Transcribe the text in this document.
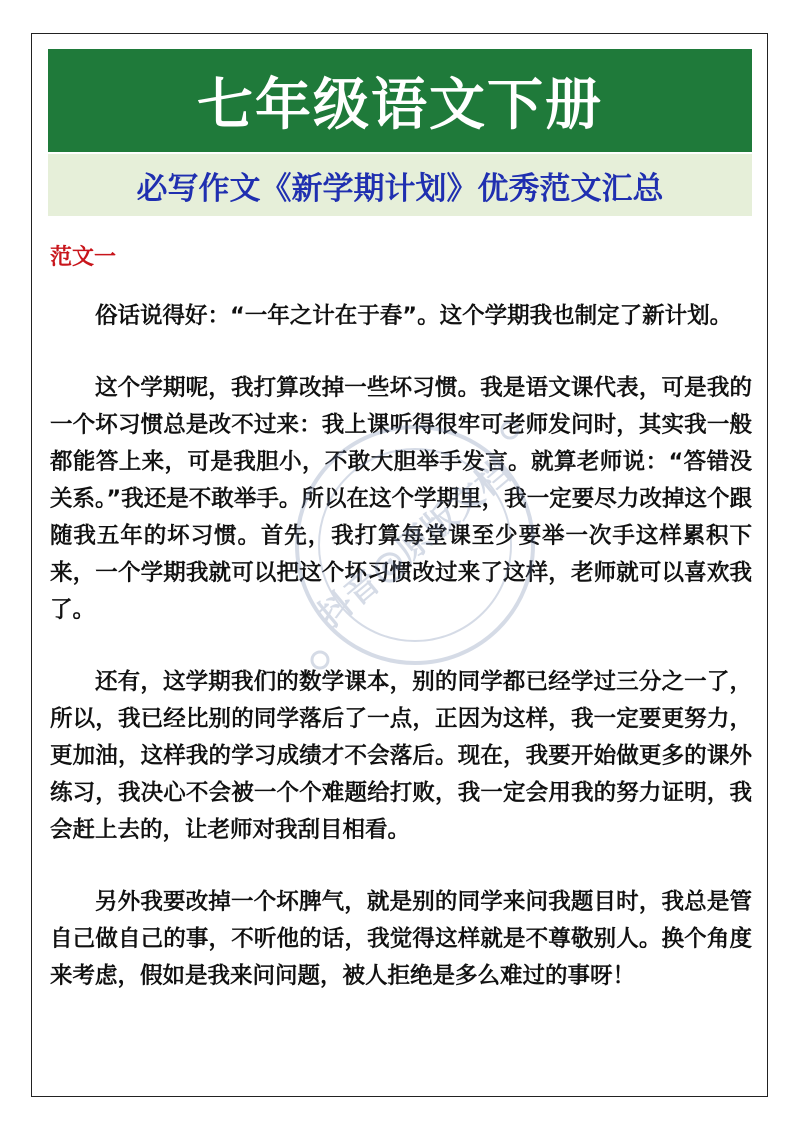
七年级语文下册
必写作文《新学期计划》优秀范文汇总
范文一

俗话说得好：“一年之计在于春”。这个学期我也制定了新计划。

这个学期呢，我打算改掉一些坏习惯。我是语文课代表，可是我的一个坏习惯总是改不过来：我上课听得很牢可老师发问时，其实我一般都能答上来，可是我胆小，不敢大胆举手发言。就算老师说：“答错没关系。”我还是不敢举手。所以在这个学期里，我一定要尽力改掉这个跟随我五年的坏习惯。首先，我打算每堂课至少要举一次手这样累积下来，一个学期我就可以把这个坏习惯改过来了这样，老师就可以喜欢我了。

还有，这学期我们的数学课本，别的同学都已经学过三分之一了，所以，我已经比别的同学落后了一点，正因为这样，我一定要更努力，更加油，这样我的学习成绩才不会落后。现在，我要开始做更多的课外练习，我决心不会被一个个难题给打败，我一定会用我的努力证明，我会赶上去的，让老师对我刮目相看。

另外我要改掉一个坏脾气，就是别的同学来问我题目时，我总是管自己做自己的事，不听他的话，我觉得这样就是不尊敬别人。换个角度来考虑，假如是我来问问题，被人拒绝是多么难过的事呀！

抖音@原版文档
